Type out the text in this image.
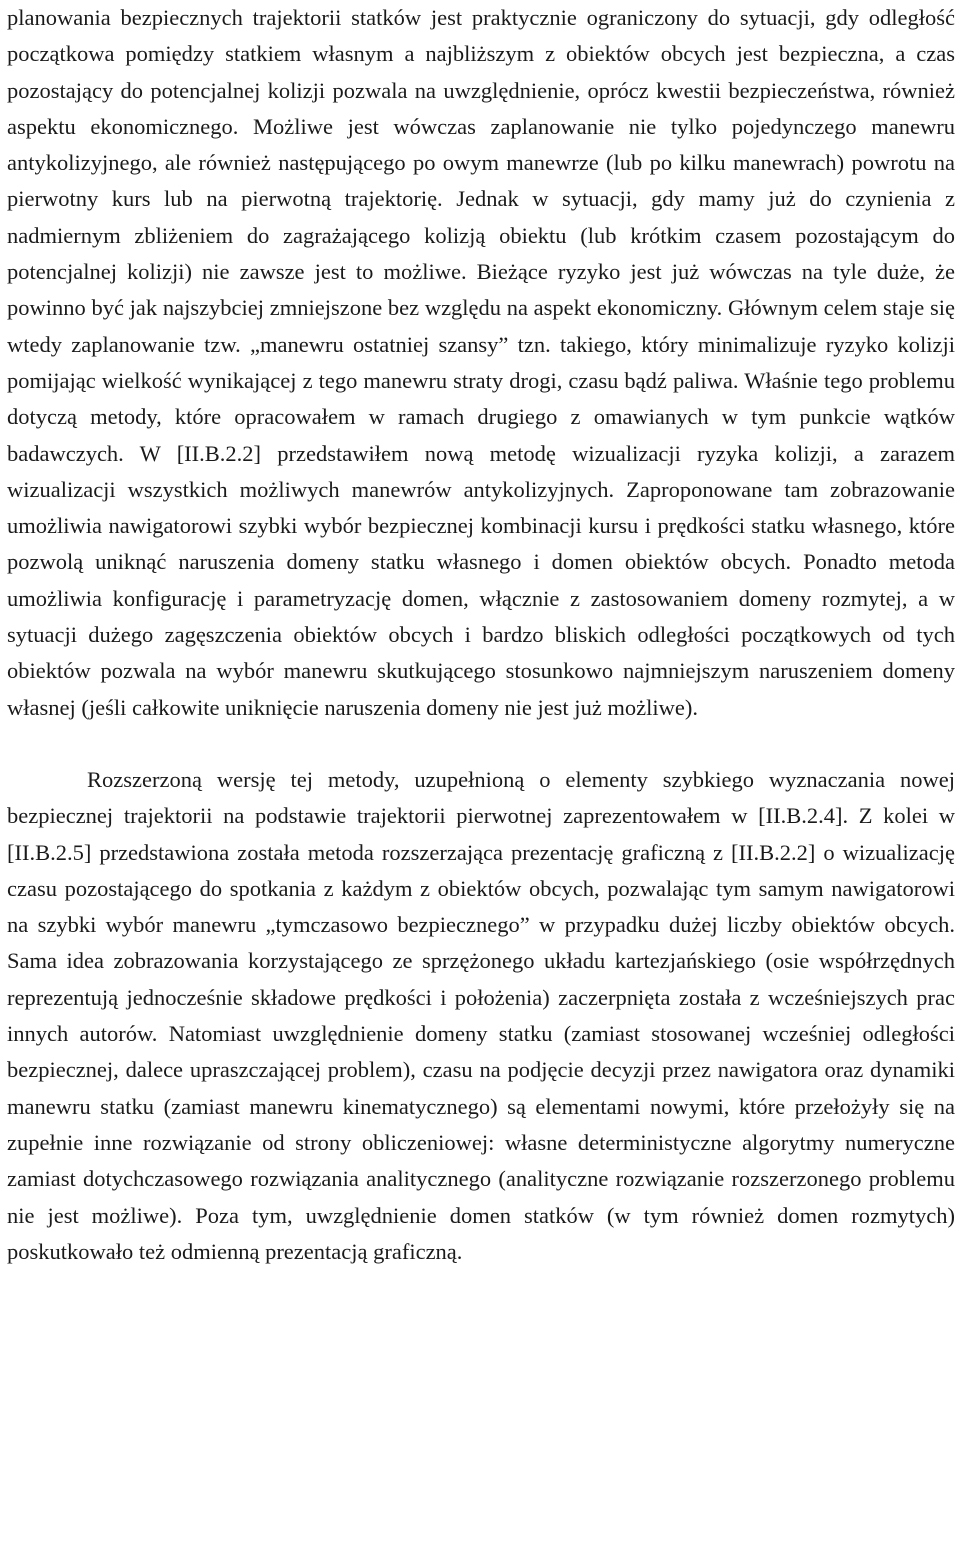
planowania bezpiecznych trajektorii statków jest praktycznie ograniczony do sytuacji, gdy odległość początkowa pomiędzy statkiem własnym a najbliższym z obiektów obcych jest bezpieczna, a czas pozostający do potencjalnej kolizji pozwala na uwzględnienie, oprócz kwestii bezpieczeństwa, również aspektu ekonomicznego. Możliwe jest wówczas zaplanowanie nie tylko pojedynczego manewru antykolizyjnego, ale również następującego po owym manewrze (lub po kilku manewrach) powrotu na pierwotny kurs lub na pierwotną trajektorię. Jednak w sytuacji, gdy mamy już do czynienia z nadmiernym zbliżeniem do zagrażającego kolizją obiektu (lub krótkim czasem pozostającym do potencjalnej kolizji) nie zawsze jest to możliwe. Bieżące ryzyko jest już wówczas na tyle duże, że powinno być jak najszybciej zmniejszone bez względu na aspekt ekonomiczny. Głównym celem staje się wtedy zaplanowanie tzw. „manewru ostatniej szansy” tzn. takiego, który minimalizuje ryzyko kolizji pomijając wielkość wynikającej z tego manewru straty drogi, czasu bądź paliwa. Właśnie tego problemu dotyczą metody, które opracowałem w ramach drugiego z omawianych w tym punkcie wątków badawczych. W [II.B.2.2] przedstawiłem nową metodę wizualizacji ryzyka kolizji, a zarazem wizualizacji wszystkich możliwych manewrów antykolizyjnych. Zaproponowane tam zobrazowanie umożliwia nawigatorowi szybki wybór bezpiecznej kombinacji kursu i prędkości statku własnego, które pozwolą uniknąć naruszenia domeny statku własnego i domen obiektów obcych. Ponadto metoda umożliwia konfigurację i parametryzację domen, włącznie z zastosowaniem domeny rozmytej, a w sytuacji dużego zagęszczenia obiektów obcych i bardzo bliskich odległości początkowych od tych obiektów pozwala na wybór manewru skutkującego stosunkowo najmniejszym naruszeniem domeny własnej (jeśli całkowite uniknięcie naruszenia domeny nie jest już możliwe).

Rozszerzoną wersję tej metody, uzupełnioną o elementy szybkiego wyznaczania nowej bezpiecznej trajektorii na podstawie trajektorii pierwotnej zaprezentowałem w [II.B.2.4]. Z kolei w [II.B.2.5] przedstawiona została metoda rozszerzająca prezentację graficzną z [II.B.2.2] o wizualizację czasu pozostającego do spotkania z każdym z obiektów obcych, pozwalając tym samym nawigatorowi na szybki wybór manewru „tymczasowo bezpiecznego” w przypadku dużej liczby obiektów obcych. Sama idea zobrazowania korzystającego ze sprzężonego układu kartezjańskiego (osie współrzędnych reprezentują jednocześnie składowe prędkości i położenia) zaczerpnięta została z wcześniejszych prac innych autorów. Natomiast uwzględnienie domeny statku (zamiast stosowanej wcześniej odległości bezpiecznej, dalece upraszczającej problem), czasu na podjęcie decyzji przez nawigatora oraz dynamiki manewru statku (zamiast manewru kinematycznego) są elementami nowymi, które przełożyły się na zupełnie inne rozwiązanie od strony obliczeniowej: własne deterministyczne algorytmy numeryczne zamiast dotychczasowego rozwiązania analitycznego (analityczne rozwiązanie rozszerzonego problemu nie jest możliwe). Poza tym, uwzględnienie domen statków (w tym również domen rozmytych) poskutkowało też odmienną prezentacją graficzną.
